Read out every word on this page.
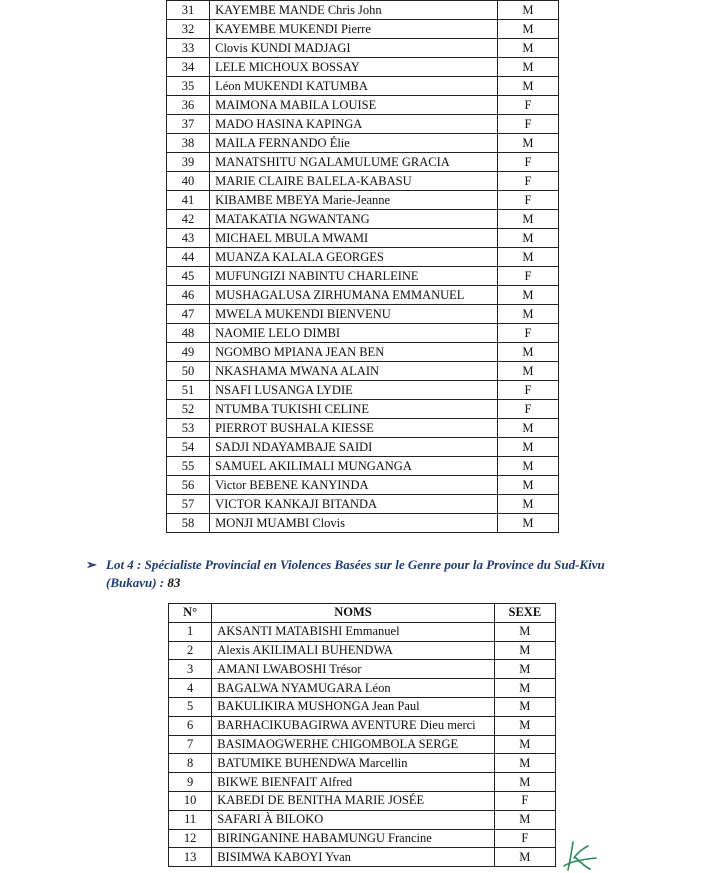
31	KAYEMBE MANDE Chris John	M
32	KAYEMBE MUKENDI Pierre	M
33	Clovis KUNDI MADJAGI	M
34	LELE MICHOUX BOSSAY	M
35	Léon MUKENDI KATUMBA	M
36	MAIMONA MABILA LOUISE	F
37	MADO HASINA KAPINGA	F
38	MAILA FERNANDO Élie	M
39	MANATSHITU NGALAMULUME GRACIA	F
40	MARIE CLAIRE BALELA-KABASU	F
41	KIBAMBE MBEYA Marie-Jeanne	F
42	MATAKATIA NGWANTANG	M
43	MICHAEL MBULA MWAMI	M
44	MUANZA KALALA GEORGES	M
45	MUFUNGIZI NABINTU CHARLEINE	F
46	MUSHAGALUSA ZIRHUMANA EMMANUEL	M
47	MWELA MUKENDI BIENVENU	M
48	NAOMIE LELO DIMBI	F
49	NGOMBO MPIANA JEAN BEN	M
50	NKASHAMA MWANA ALAIN	M
51	NSAFI LUSANGA LYDIE	F
52	NTUMBA TUKISHI CELINE	F
53	PIERROT BUSHALA KIESSE	M
54	SADJI NDAYAMBAJE SAIDI	M
55	SAMUEL AKILIMALI MUNGANGA	M
56	Victor BEBENE KANYINDA	M
57	VICTOR KANKAJI BITANDA	M
58	MONJI MUAMBI Clovis	M
➢ Lot 4 : Spécialiste Provincial en Violences Basées sur le Genre pour la Province du Sud-Kivu
(Bukavu) : 83
N°	NOMS	SEXE
1	AKSANTI MATABISHI Emmanuel	M
2	Alexis AKILIMALI BUHENDWA	M
3	AMANI LWABOSHI Trésor	M
4	BAGALWA NYAMUGARA Léon	M
5	BAKULIKIRA MUSHONGA Jean Paul	M
6	BARHACIKUBAGIRWA AVENTURE Dieu merci	M
7	BASIMAOGWERHE CHIGOMBOLA SERGE	M
8	BATUMIKE BUHENDWA Marcellin	M
9	BIKWE BIENFAIT Alfred	M
10	KABEDI DE BENITHA MARIE JOSÉE	F
11	SAFARI À BILOKO	M
12	BIRINGANINE HABAMUNGU Francine	F
13	BISIMWA KABOYI Yvan	M
